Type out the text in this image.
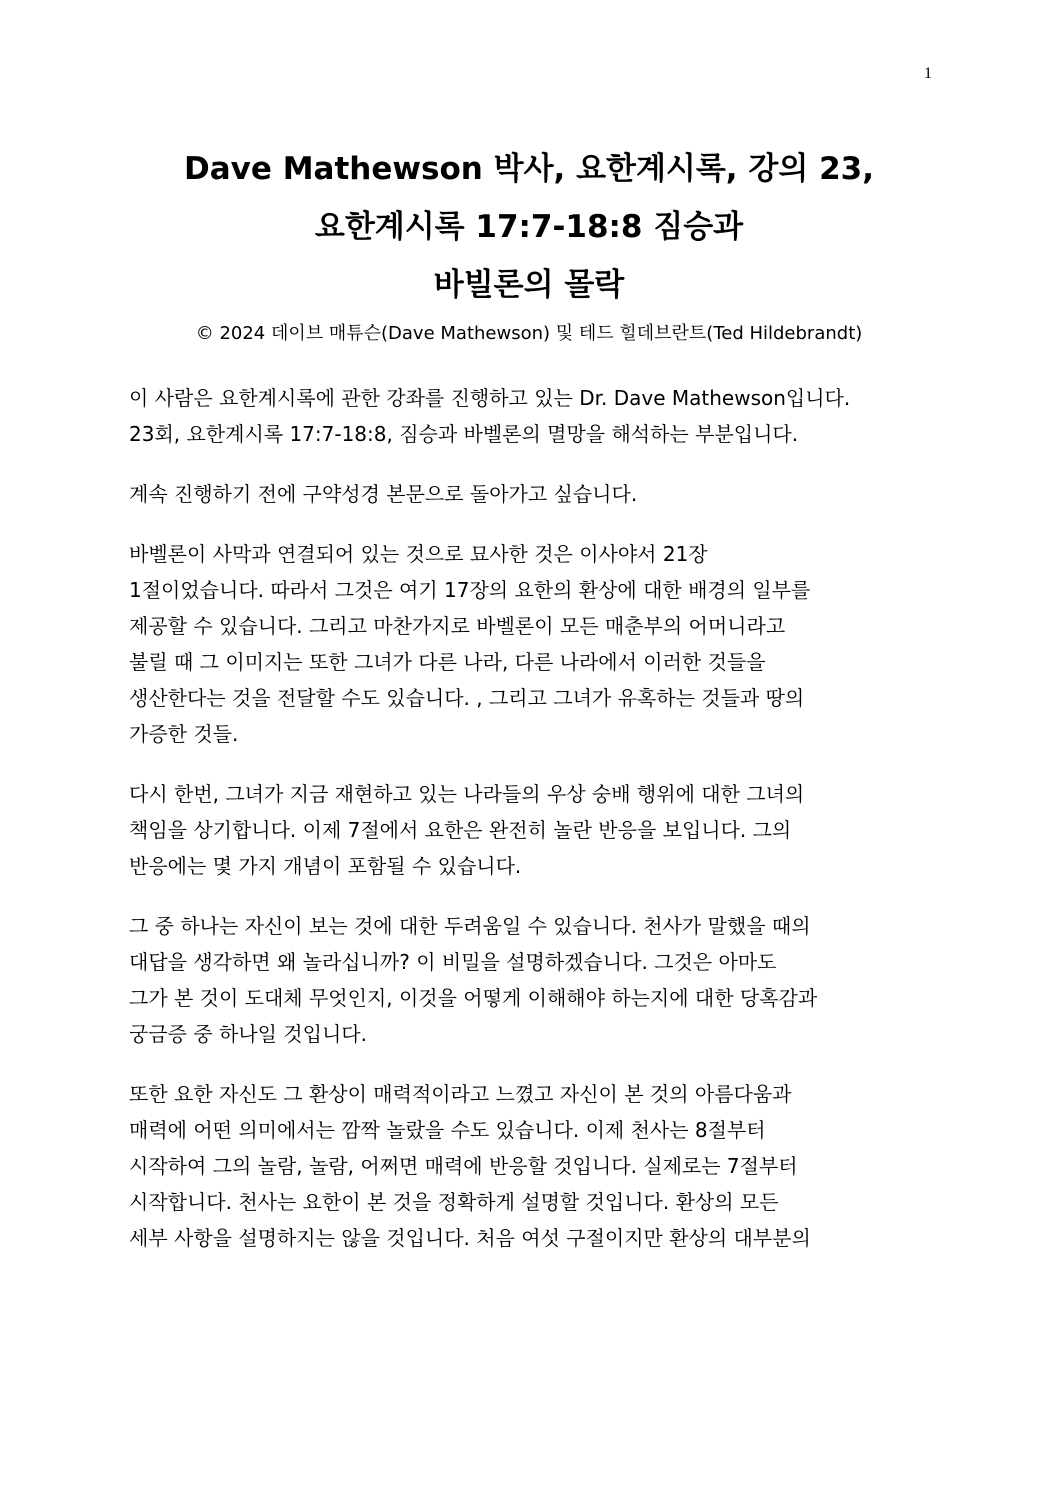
1
Dave Mathewson 박사, 요한계시록, 강의 23,
요한계시록 17:7-18:8 짐승과
바빌론의 몰락
© 2024 데이브 매튜슨(Dave Mathewson) 및 테드 힐데브란트(Ted Hildebrandt)

이 사람은 요한계시록에 관한 강좌를 진행하고 있는 Dr. Dave Mathewson입니다.
23회, 요한계시록 17:7-18:8, 짐승과 바벨론의 멸망을 해석하는 부분입니다.

계속 진행하기 전에 구약성경 본문으로 돌아가고 싶습니다.

바벨론이 사막과 연결되어 있는 것으로 묘사한 것은 이사야서 21장
1절이었습니다. 따라서 그것은 여기 17장의 요한의 환상에 대한 배경의 일부를
제공할 수 있습니다. 그리고 마찬가지로 바벨론이 모든 매춘부의 어머니라고
불릴 때 그 이미지는 또한 그녀가 다른 나라, 다른 나라에서 이러한 것들을
생산한다는 것을 전달할 수도 있습니다. , 그리고 그녀가 유혹하는 것들과 땅의
가증한 것들.

다시 한번, 그녀가 지금 재현하고 있는 나라들의 우상 숭배 행위에 대한 그녀의
책임을 상기합니다. 이제 7절에서 요한은 완전히 놀란 반응을 보입니다. 그의
반응에는 몇 가지 개념이 포함될 수 있습니다.

그 중 하나는 자신이 보는 것에 대한 두려움일 수 있습니다. 천사가 말했을 때의
대답을 생각하면 왜 놀라십니까? 이 비밀을 설명하겠습니다. 그것은 아마도
그가 본 것이 도대체 무엇인지, 이것을 어떻게 이해해야 하는지에 대한 당혹감과
궁금증 중 하나일 것입니다.

또한 요한 자신도 그 환상이 매력적이라고 느꼈고 자신이 본 것의 아름다움과
매력에 어떤 의미에서는 깜짝 놀랐을 수도 있습니다. 이제 천사는 8절부터
시작하여 그의 놀람, 놀람, 어쩌면 매력에 반응할 것입니다. 실제로는 7절부터
시작합니다. 천사는 요한이 본 것을 정확하게 설명할 것입니다. 환상의 모든
세부 사항을 설명하지는 않을 것입니다. 처음 여섯 구절이지만 환상의 대부분의
